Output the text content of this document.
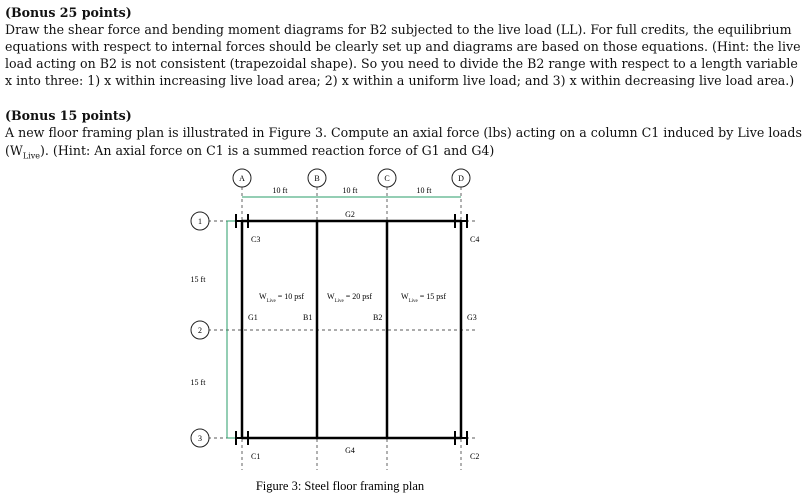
(Bonus 25 points)
Draw the shear force and bending moment diagrams for B2 subjected to the live load (LL). For full credits, the equilibrium
equations with respect to internal forces should be clearly set up and diagrams are based on those equations. (Hint: the live
load acting on B2 is not consistent (trapezoidal shape). So you need to divide the B2 range with respect to a length variable
x into three: 1) x within increasing live load area; 2) x within a uniform live load; and 3) x within decreasing live load area.)
(Bonus 15 points)
A new floor framing plan is illustrated in Figure 3. Compute an axial force (lbs) acting on a column C1 induced by Live loads
$(W_{Live})$. (Hint: An axial force on C1 is a summed reaction force of G1 and G4)
A	B	C	D
10 ft	10 ft	10 ft
15 ft
15 ft
1
2
3
G2
G4
G1	G3
B1	B2
C3	C4
C1	C2
$W_{Live}= 10$ psf	$W_{Live}= 20$ psf	$W_{Live}= 15$ psf
Figure 3: Steel floor framing plan
